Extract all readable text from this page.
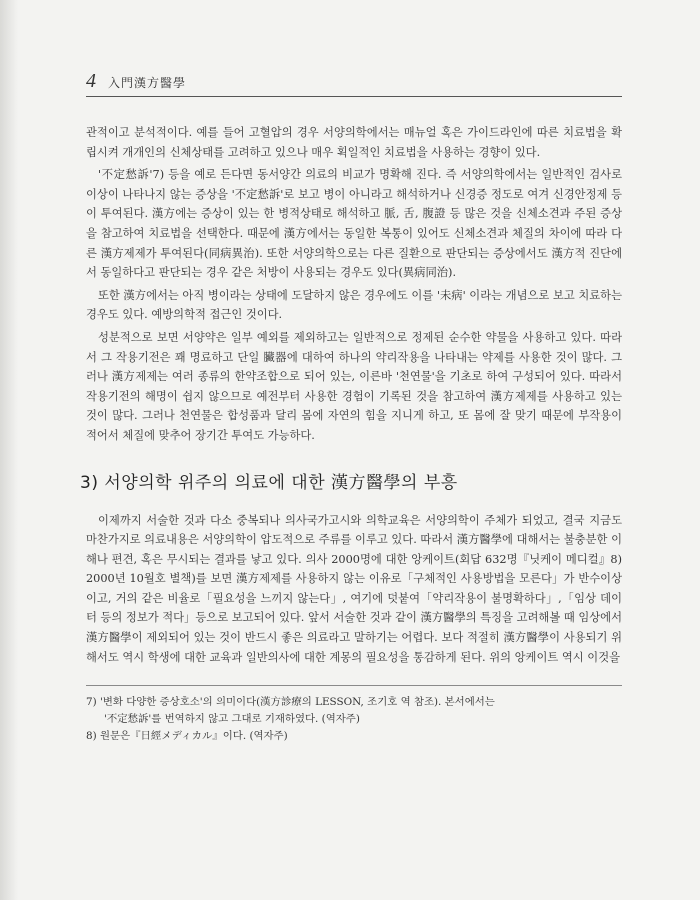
4 入門漢方醫學

관적이고 분석적이다. 예를 들어 고혈압의 경우 서양의학에서는 매뉴얼 혹은 가이드라인에 따른 치료법을 확립시켜 개개인의 신체상태를 고려하고 있으나 매우 획일적인 치료법을 사용하는 경향이 있다.

'不定愁訴'7) 등을 예로 든다면 동서양간 의료의 비교가 명확해 진다. 즉 서양의학에서는 일반적인 검사로 이상이 나타나지 않는 증상을 '不定愁訴'로 보고 병이 아니라고 해석하거나 신경증 정도로 여겨 신경안정제 등이 투여된다. 漢方에는 증상이 있는 한 병적상태로 해석하고 脈, 舌, 腹證 등 많은 것을 신체소견과 주된 증상을 참고하여 치료법을 선택한다. 때문에 漢方에서는 동일한 복통이 있어도 신체소견과 체질의 차이에 따라 다른 漢方제제가 투여된다(同病異治). 또한 서양의학으로는 다른 질환으로 판단되는 증상에서도 漢方적 진단에서 동일하다고 판단되는 경우 같은 처방이 사용되는 경우도 있다(異病同治).

또한 漢方에서는 아직 병이라는 상태에 도달하지 않은 경우에도 이를 '未病' 이라는 개념으로 보고 치료하는 경우도 있다. 예방의학적 접근인 것이다.

성분적으로 보면 서양약은 일부 예외를 제외하고는 일반적으로 정제된 순수한 약물을 사용하고 있다. 따라서 그 작용기전은 꽤 명료하고 단일 臟器에 대하여 하나의 약리작용을 나타내는 약제를 사용한 것이 많다. 그러나 漢方제제는 여러 종류의 한약조합으로 되어 있는, 이른바 '천연물'을 기초로 하여 구성되어 있다. 따라서 작용기전의 해명이 쉽지 않으므로 예전부터 사용한 경험이 기록된 것을 참고하여 漢方제제를 사용하고 있는 것이 많다. 그러나 천연물은 합성품과 달리 몸에 자연의 힘을 지니게 하고, 또 몸에 잘 맞기 때문에 부작용이 적어서 체질에 맞추어 장기간 투여도 가능하다.

3) 서양의학 위주의 의료에 대한 漢方醫學의 부흥

이제까지 서술한 것과 다소 중복되나 의사국가고시와 의학교육은 서양의학이 주체가 되었고, 결국 지금도 마찬가지로 의료내용은 서양의학이 압도적으로 주류를 이루고 있다. 따라서 漢方醫學에 대해서는 불충분한 이해나 편견, 혹은 무시되는 결과를 낳고 있다. 의사 2000명에 대한 앙케이트(회답 632명『닛케이 메디컬』8) 2000년 10월호 별책)를 보면 漢方제제를 사용하지 않는 이유로「구체적인 사용방법을 모른다」가 반수이상이고, 거의 같은 비율로「필요성을 느끼지 않는다」, 여기에 덧붙여「약리작용이 불명확하다」,「임상 데이터 등의 정보가 적다」등으로 보고되어 있다. 앞서 서술한 것과 같이 漢方醫學의 특징을 고려해볼 때 임상에서 漢方醫學이 제외되어 있는 것이 반드시 좋은 의료라고 말하기는 어렵다. 보다 적절히 漢方醫學이 사용되기 위해서도 역시 학생에 대한 교육과 일반의사에 대한 계몽의 필요성을 통감하게 된다. 위의 앙케이트 역시 이것을

7) '변화 다양한 증상호소'의 의미이다(漢方診療의 LESSON, 조기호 역 참조). 본서에서는
'不定愁訴'를 번역하지 않고 그대로 기재하였다. (역자주)

8) 원문은『日經メディカル』이다. (역자주)
